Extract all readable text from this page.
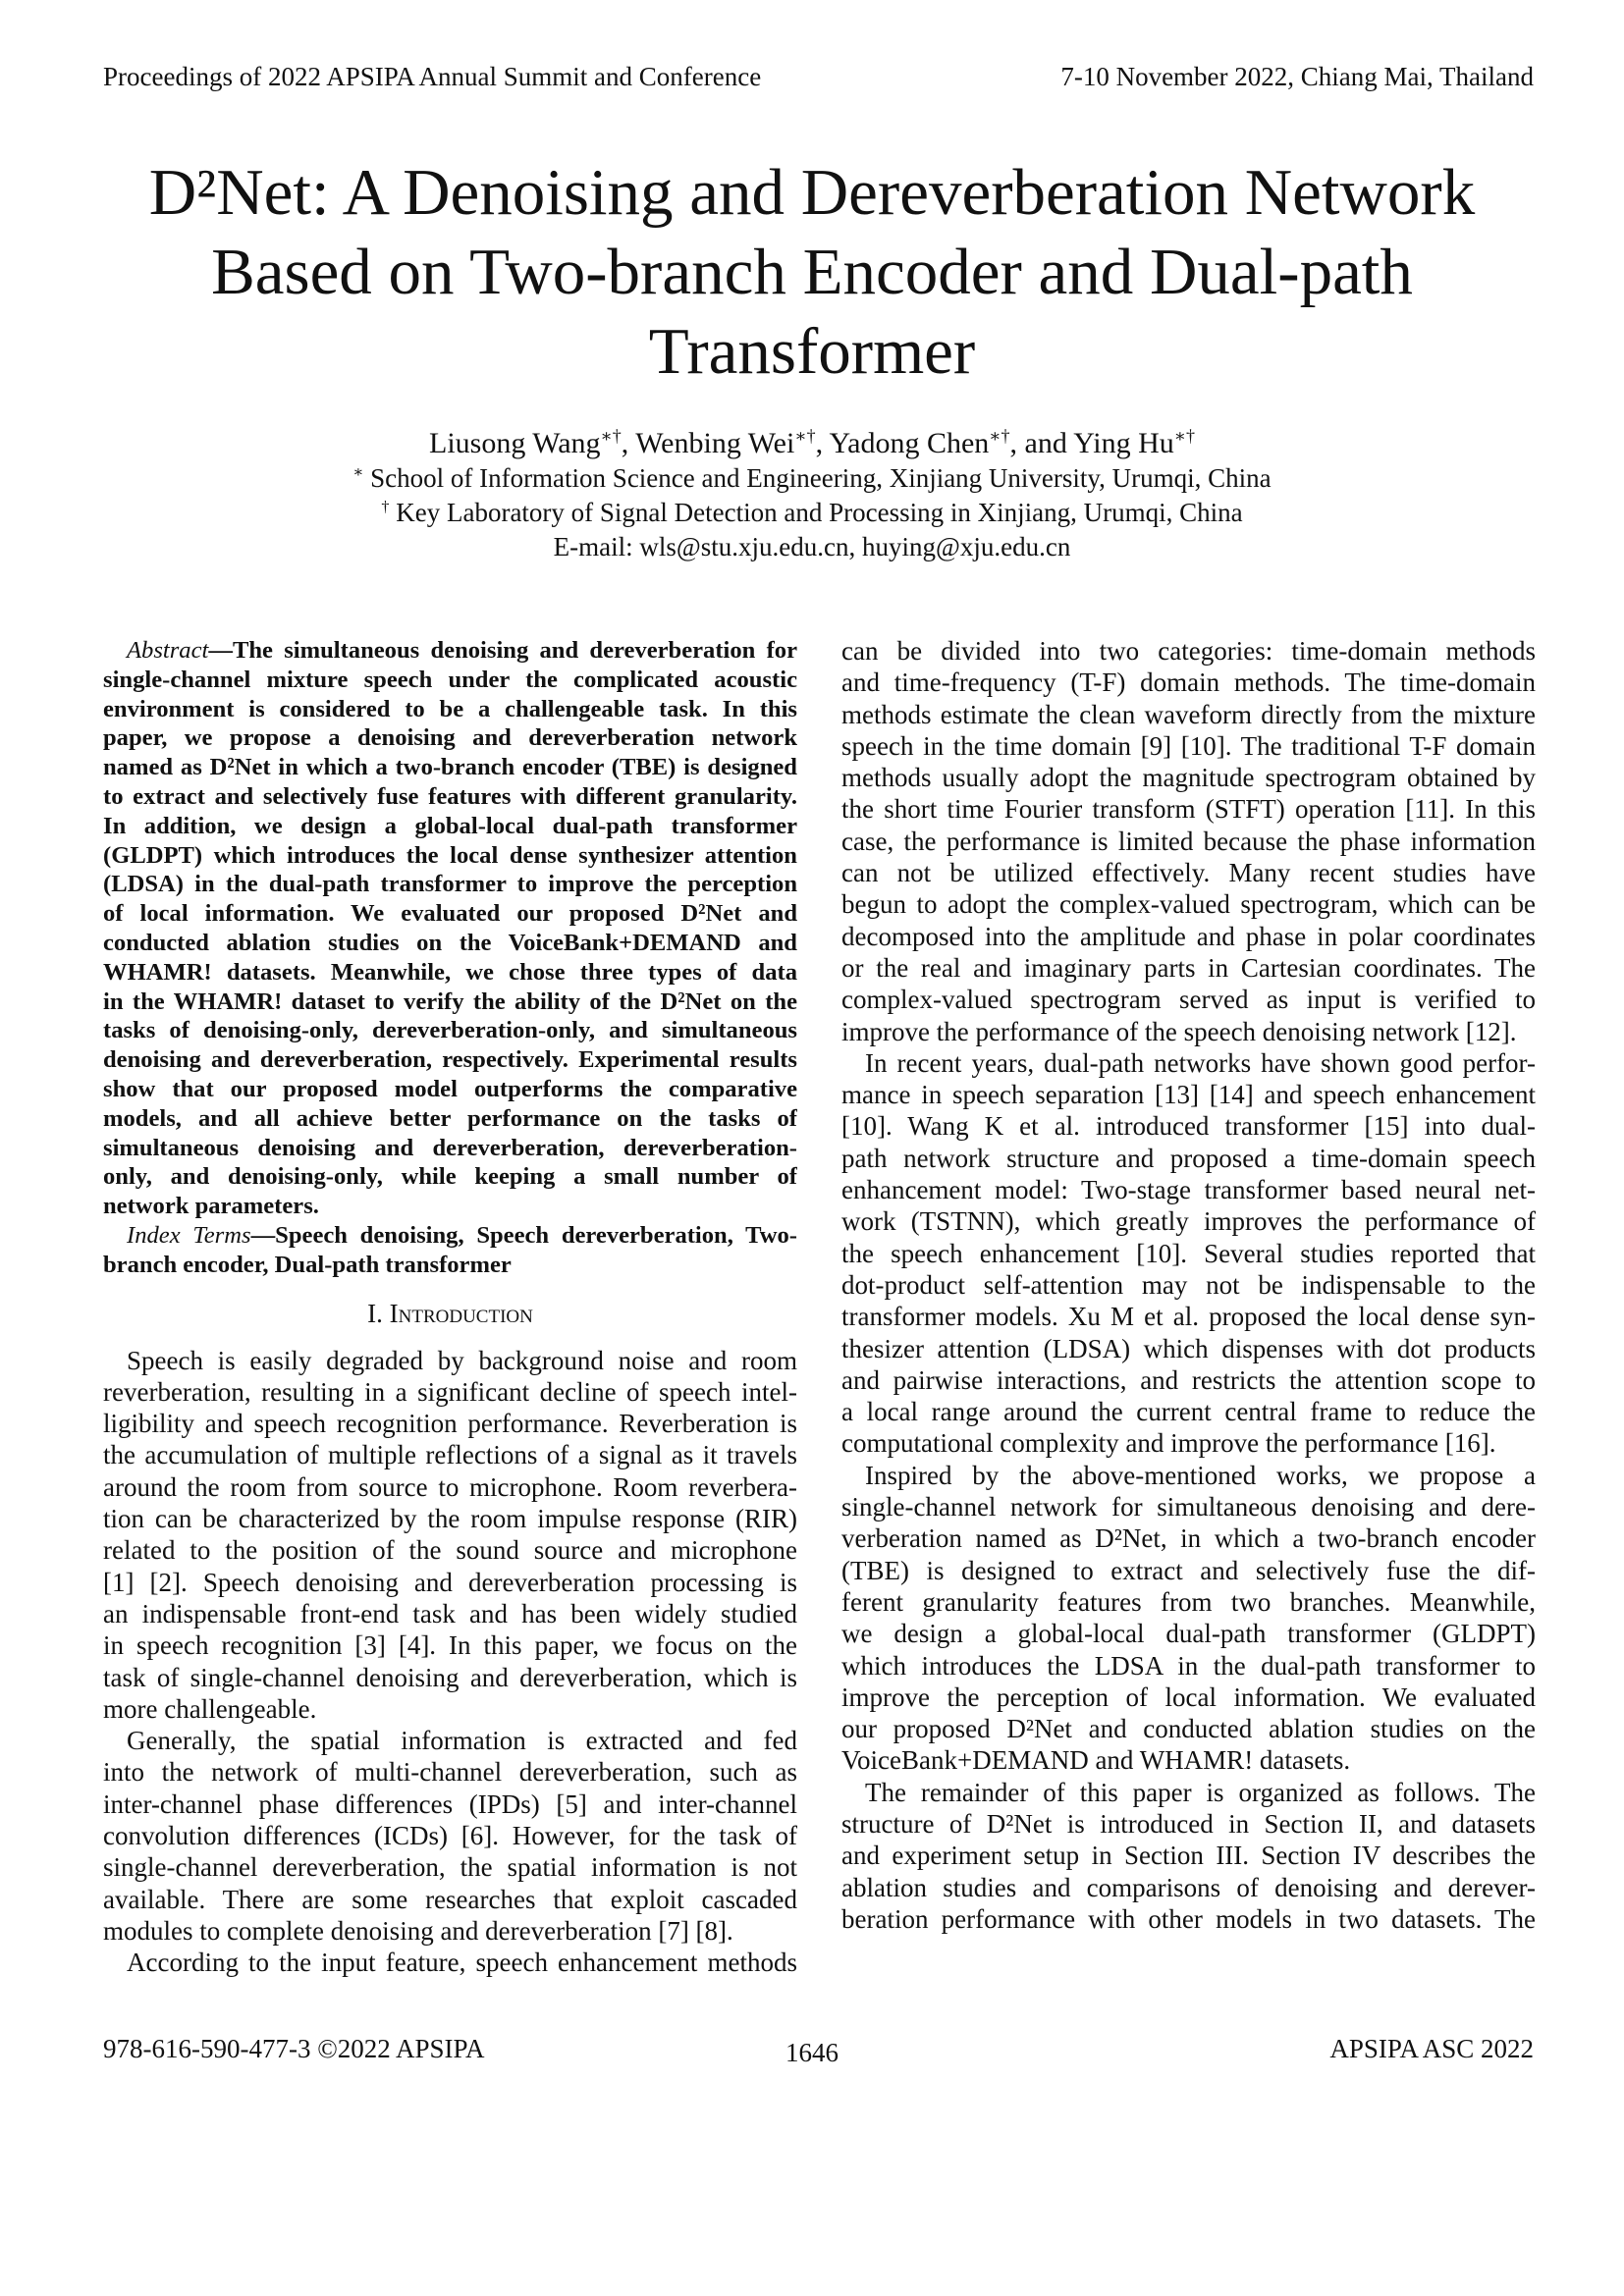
Proceedings of 2022 APSIPA Annual Summit and Conference	7-10 November 2022, Chiang Mai, Thailand
D²Net: A Denoising and Dereverberation Network
Based on Two-branch Encoder and Dual-path
Transformer
Liusong Wang∗†, Wenbing Wei∗†, Yadong Chen∗†, and Ying Hu∗†
∗ School of Information Science and Engineering, Xinjiang University, Urumqi, China
† Key Laboratory of Signal Detection and Processing in Xinjiang, Urumqi, China
E-mail: wls@stu.xju.edu.cn, huying@xju.edu.cn
Abstract—The simultaneous denoising and dereverberation for
single-channel mixture speech under the complicated acoustic
environment is considered to be a challengeable task. In this
paper, we propose a denoising and dereverberation network
named as D²Net in which a two-branch encoder (TBE) is designed
to extract and selectively fuse features with different granularity.
In addition, we design a global-local dual-path transformer
(GLDPT) which introduces the local dense synthesizer attention
(LDSA) in the dual-path transformer to improve the perception
of local information. We evaluated our proposed D²Net and
conducted ablation studies on the VoiceBank+DEMAND and
WHAMR! datasets. Meanwhile, we chose three types of data
in the WHAMR! dataset to verify the ability of the D²Net on the
tasks of denoising-only, dereverberation-only, and simultaneous
denoising and dereverberation, respectively. Experimental results
show that our proposed model outperforms the comparative
models, and all achieve better performance on the tasks of
simultaneous denoising and dereverberation, dereverberation-
only, and denoising-only, while keeping a small number of
network parameters.
Index Terms—Speech denoising, Speech dereverberation, Two-
branch encoder, Dual-path transformer
I. Introduction
Speech is easily degraded by background noise and room
reverberation, resulting in a significant decline of speech intel-
ligibility and speech recognition performance. Reverberation is
the accumulation of multiple reflections of a signal as it travels
around the room from source to microphone. Room reverbera-
tion can be characterized by the room impulse response (RIR)
related to the position of the sound source and microphone
[1] [2]. Speech denoising and dereverberation processing is
an indispensable front-end task and has been widely studied
in speech recognition [3] [4]. In this paper, we focus on the
task of single-channel denoising and dereverberation, which is
more challengeable.
Generally, the spatial information is extracted and fed
into the network of multi-channel dereverberation, such as
inter-channel phase differences (IPDs) [5] and inter-channel
convolution differences (ICDs) [6]. However, for the task of
single-channel dereverberation, the spatial information is not
available. There are some researches that exploit cascaded
modules to complete denoising and dereverberation [7] [8].
According to the input feature, speech enhancement methods
can be divided into two categories: time-domain methods
and time-frequency (T-F) domain methods. The time-domain
methods estimate the clean waveform directly from the mixture
speech in the time domain [9] [10]. The traditional T-F domain
methods usually adopt the magnitude spectrogram obtained by
the short time Fourier transform (STFT) operation [11]. In this
case, the performance is limited because the phase information
can not be utilized effectively. Many recent studies have
begun to adopt the complex-valued spectrogram, which can be
decomposed into the amplitude and phase in polar coordinates
or the real and imaginary parts in Cartesian coordinates. The
complex-valued spectrogram served as input is verified to
improve the performance of the speech denoising network [12].
In recent years, dual-path networks have shown good perfor-
mance in speech separation [13] [14] and speech enhancement
[10]. Wang K et al. introduced transformer [15] into dual-
path network structure and proposed a time-domain speech
enhancement model: Two-stage transformer based neural net-
work (TSTNN), which greatly improves the performance of
the speech enhancement [10]. Several studies reported that
dot-product self-attention may not be indispensable to the
transformer models. Xu M et al. proposed the local dense syn-
thesizer attention (LDSA) which dispenses with dot products
and pairwise interactions, and restricts the attention scope to
a local range around the current central frame to reduce the
computational complexity and improve the performance [16].
Inspired by the above-mentioned works, we propose a
single-channel network for simultaneous denoising and dere-
verberation named as D²Net, in which a two-branch encoder
(TBE) is designed to extract and selectively fuse the dif-
ferent granularity features from two branches. Meanwhile,
we design a global-local dual-path transformer (GLDPT)
which introduces the LDSA in the dual-path transformer to
improve the perception of local information. We evaluated
our proposed D²Net and conducted ablation studies on the
VoiceBank+DEMAND and WHAMR! datasets.
The remainder of this paper is organized as follows. The
structure of D²Net is introduced in Section II, and datasets
and experiment setup in Section III. Section IV describes the
ablation studies and comparisons of denoising and derever-
beration performance with other models in two datasets. The
978-616-590-477-3 ©2022 APSIPA	1646	APSIPA ASC 2022
